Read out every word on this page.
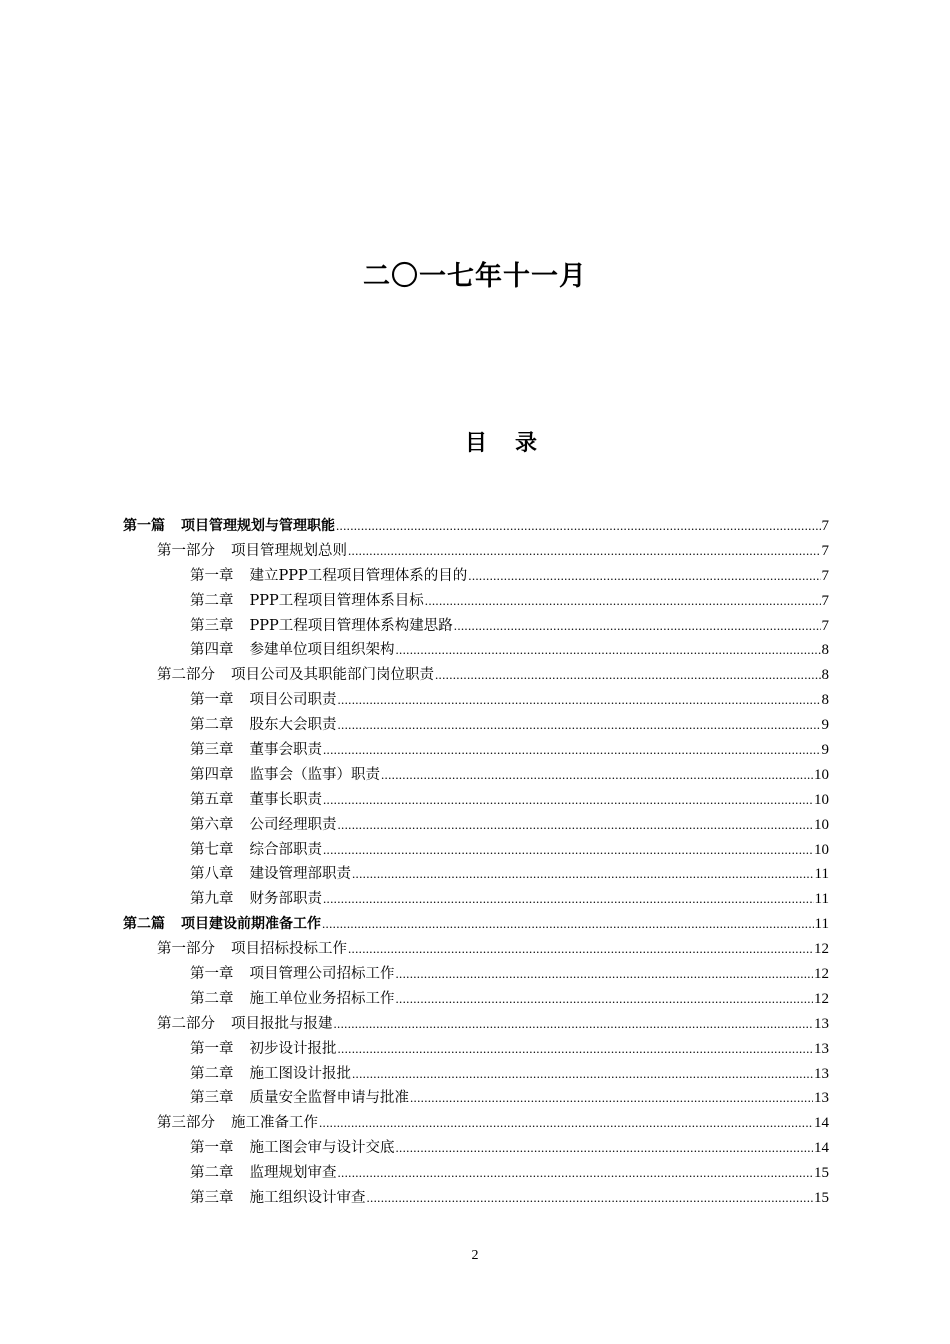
二〇一七年十一月
目 录
第一篇 项目管理规划与管理职能 .....	7
第一部分 项目管理规划总则 .....	7
第一章 建立PPP工程项目管理体系的目的 .....	7
第二章 PPP工程项目管理体系目标 .....	7
第三章 PPP工程项目管理体系构建思路 .....	7
第四章 参建单位项目组织架构 .....	8
第二部分 项目公司及其职能部门岗位职责 .....	8
第一章 项目公司职责 .....	8
第二章 股东大会职责 .....	9
第三章 董事会职责 .....	9
第四章 监事会（监事）职责 .....	10
第五章 董事长职责 .....	10
第六章 公司经理职责 .....	10
第七章 综合部职责 .....	10
第八章 建设管理部职责 .....	11
第九章 财务部职责 .....	11
第二篇 项目建设前期准备工作 .....	11
第一部分 项目招标投标工作 .....	12
第一章 项目管理公司招标工作 .....	12
第二章 施工单位业务招标工作 .....	12
第二部分 项目报批与报建 .....	13
第一章 初步设计报批 .....	13
第二章 施工图设计报批 .....	13
第三章 质量安全监督申请与批准 .....	13
第三部分 施工准备工作 .....	14
第一章 施工图会审与设计交底 .....	14
第二章 监理规划审查 .....	15
第三章 施工组织设计审查 .....	15
2
